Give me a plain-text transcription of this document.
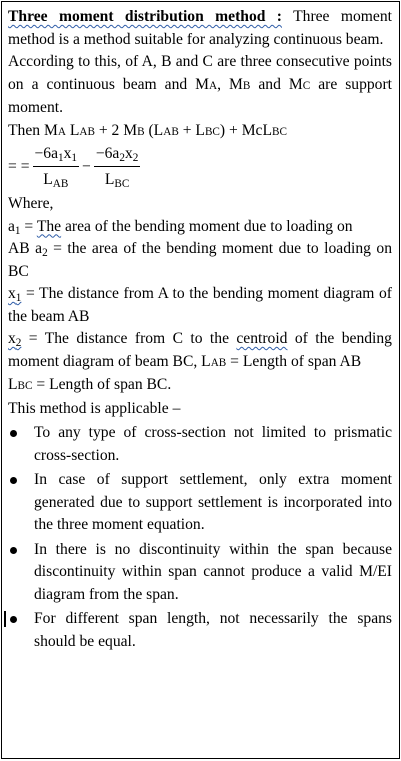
Three moment distribution method : Three moment method is a method suitable for analyzing continuous beam.

According to this, of A, B and C are three consecutive points on a continuous beam and MA, MB and MC are support moment.

Then MA LAB + 2 MB (LAB + LBC) + McLBC

= = $\frac{-6a_1x_1}{L_{AB}} - \frac{-6a_2x_2}{L_{BC}}$

Where,

$a_1$ = The area of the bending moment due to loading on

AB $a_2$ = the area of the bending moment due to loading on BC

$x_1$ = The distance from A to the bending moment diagram of the beam AB

$x_2$ = The distance from C to the centroid of the bending moment diagram of beam BC, LAB = Length of span AB

LBC = Length of span BC.

This method is applicable –

To any type of cross-section not limited to prismatic cross-section.
In case of support settlement, only extra moment generated due to support settlement is incorporated into the three moment equation.
In there is no discontinuity within the span because discontinuity within span cannot produce a valid M/EI diagram from the span.
For different span length, not necessarily the spans should be equal.
